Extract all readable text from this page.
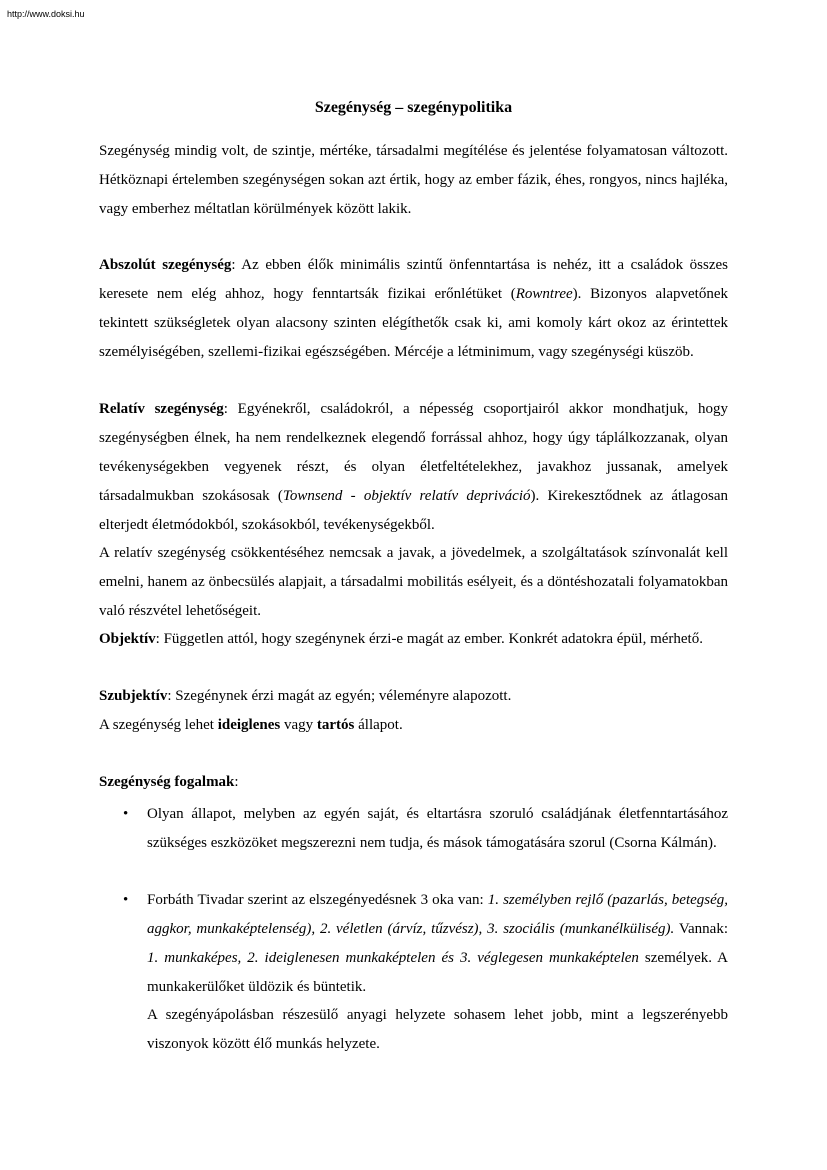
http://www.doksi.hu
Szegénység – szegénypolitika
Szegénység mindig volt, de szintje, mértéke, társadalmi megítélése és jelentése folyamatosan változott. Hétköznapi értelemben szegénységen sokan azt értik, hogy az ember fázik, éhes, rongyos, nincs hajléka, vagy emberhez méltatlan körülmények között lakik.
Abszolút szegénység: Az ebben élők minimális szintű önfenntartása is nehéz, itt a családok összes keresete nem elég ahhoz, hogy fenntartsák fizikai erőnlétüket (Rowntree). Bizonyos alapvetőnek tekintett szükségletek olyan alacsony szinten elégíthetők csak ki, ami komoly kárt okoz az érintettek személyiségében, szellemi-fizikai egészségében. Mércéje a létminimum, vagy szegénységi küszöb.
Relatív szegénység: Egyénekről, családokról, a népesség csoportjairól akkor mondhatjuk, hogy szegénységben élnek, ha nem rendelkeznek elegendő forrással ahhoz, hogy úgy táplálkozzanak, olyan tevékenységekben vegyenek részt, és olyan életfeltételekhez, javakhoz jussanak, amelyek társadalmukban szokásosak (Townsend - objektív relatív depriváció). Kirekesztődnek az átlagosan elterjedt életmódokból, szokásokból, tevékenységekből.
A relatív szegénység csökkentéséhez nemcsak a javak, a jövedelmek, a szolgáltatások színvonalát kell emelni, hanem az önbecsülés alapjait, a társadalmi mobilitás esélyeit, és a döntéshozatali folyamatokban való részvétel lehetőségeit.
Objektív: Független attól, hogy szegénynek érzi-e magát az ember. Konkrét adatokra épül, mérhető.
Szubjektív: Szegénynek érzi magát az egyén; véleményre alapozott.
A szegénység lehet ideiglenes vagy tartós állapot.
Szegénység fogalmak:
•	Olyan állapot, melyben az egyén saját, és eltartásra szoruló családjának életfenntartásához szükséges eszközöket megszerezni nem tudja, és mások támogatására szorul (Csorna Kálmán).
•	Forbáth Tivadar szerint az elszegényedésnek 3 oka van: 1. személyben rejlő (pazarlás, betegség, aggkor, munkaképtelenség), 2. véletlen (árvíz, tűzvész), 3. szociális (munkanélküliség). Vannak: 1. munkaképes, 2. ideiglenesen munkaképtelen és 3. véglegesen munkaképtelen személyek. A munkakerülőket üldözik és büntetik.
A szegényápolásban részesülő anyagi helyzete sohasem lehet jobb, mint a legszerényebb viszonyok között élő munkás helyzete.
